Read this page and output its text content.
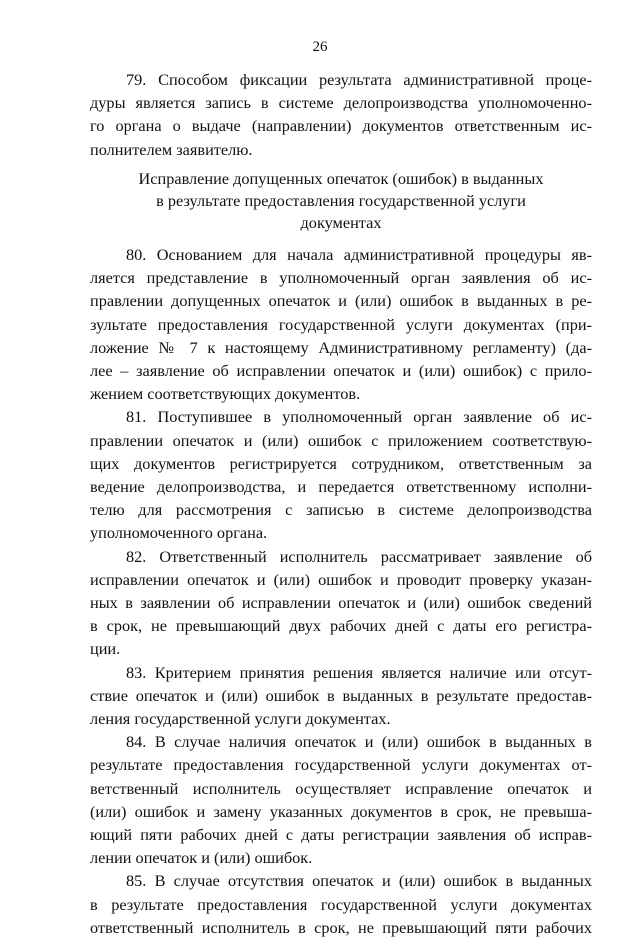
26
79. Способом фиксации результата административной проце-
дуры является запись в системе делопроизводства уполномоченно-
го органа о выдаче (направлении) документов ответственным ис-
полнителем заявителю.
Исправление допущенных опечаток (ошибок) в выданных
в результате предоставления государственной услуги
документах
80. Основанием для начала административной процедуры яв-
ляется представление в уполномоченный орган заявления об ис-
правлении допущенных опечаток и (или) ошибок в выданных в ре-
зультате предоставления государственной услуги документах (при-
ложение № 7 к настоящему Административному регламенту) (да-
лее – заявление об исправлении опечаток и (или) ошибок) с прило-
жением соответствующих документов.
81. Поступившее в уполномоченный орган заявление об ис-
правлении опечаток и (или) ошибок с приложением соответствую-
щих документов регистрируется сотрудником, ответственным за
ведение делопроизводства, и передается ответственному исполни-
телю для рассмотрения с записью в системе делопроизводства
уполномоченного органа.
82. Ответственный исполнитель рассматривает заявление об
исправлении опечаток и (или) ошибок и проводит проверку указан-
ных в заявлении об исправлении опечаток и (или) ошибок сведений
в срок, не превышающий двух рабочих дней с даты его регистра-
ции.
83. Критерием принятия решения является наличие или отсут-
ствие опечаток и (или) ошибок в выданных в результате предостав-
ления государственной услуги документах.
84. В случае наличия опечаток и (или) ошибок в выданных в
результате предоставления государственной услуги документах от-
ветственный исполнитель осуществляет исправление опечаток и
(или) ошибок и замену указанных документов в срок, не превыша-
ющий пяти рабочих дней с даты регистрации заявления об исправ-
лении опечаток и (или) ошибок.
85. В случае отсутствия опечаток и (или) ошибок в выданных
в результате предоставления государственной услуги документах
ответственный исполнитель в срок, не превышающий пяти рабочих
